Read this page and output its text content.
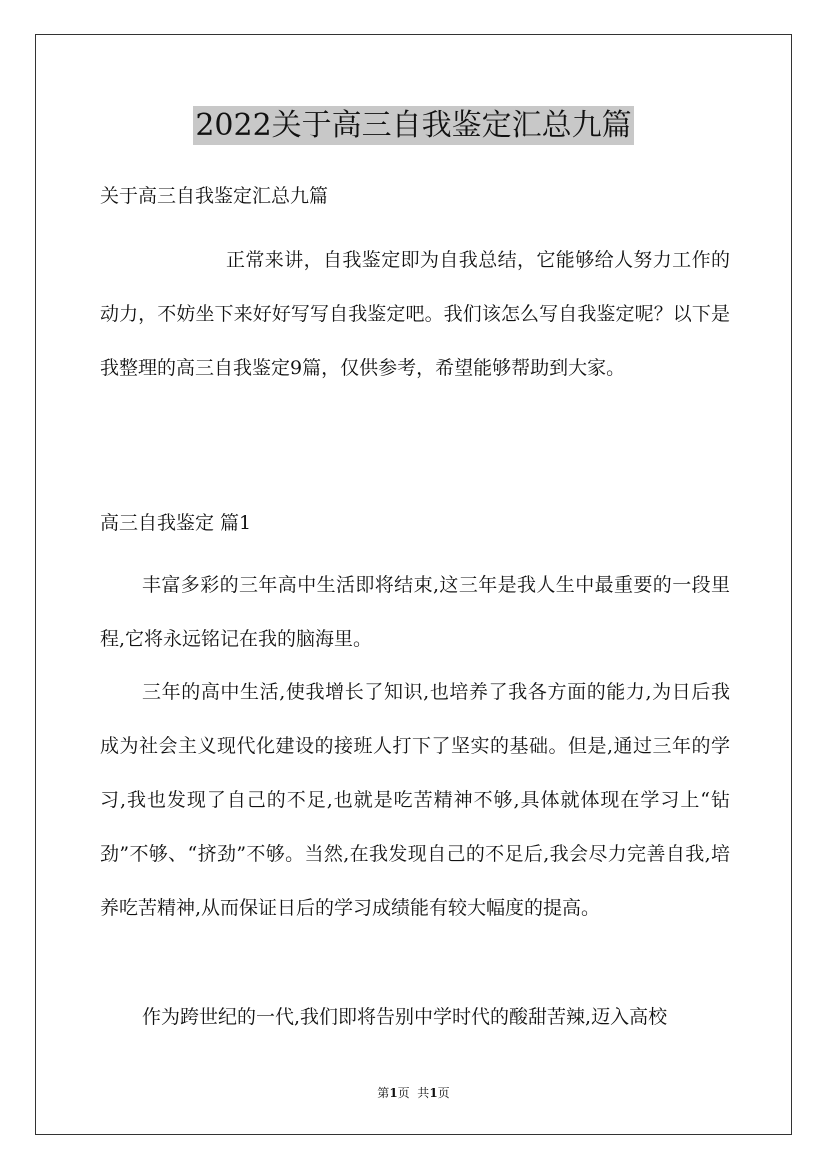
2022关于高三自我鉴定汇总九篇
关于高三自我鉴定汇总九篇
正常来讲，自我鉴定即为自我总结，它能够给人努力工作的动力，不妨坐下来好好写写自我鉴定吧。我们该怎么写自我鉴定呢？以下是我整理的高三自我鉴定9篇，仅供参考，希望能够帮助到大家。
高三自我鉴定 篇1
丰富多彩的三年高中生活即将结束,这三年是我人生中最重要的一段里程,它将永远铭记在我的脑海里。
三年的高中生活,使我增长了知识,也培养了我各方面的能力,为日后我成为社会主义现代化建设的接班人打下了坚实的基础。但是,通过三年的学习,我也发现了自己的不足,也就是吃苦精神不够,具体就体现在学习上“钻劲”不够、“挤劲”不够。当然,在我发现自己的不足后,我会尽力完善自我,培养吃苦精神,从而保证日后的学习成绩能有较大幅度的提高。
作为跨世纪的一代,我们即将告别中学时代的酸甜苦辣,迈入高校
第1页  共1页
